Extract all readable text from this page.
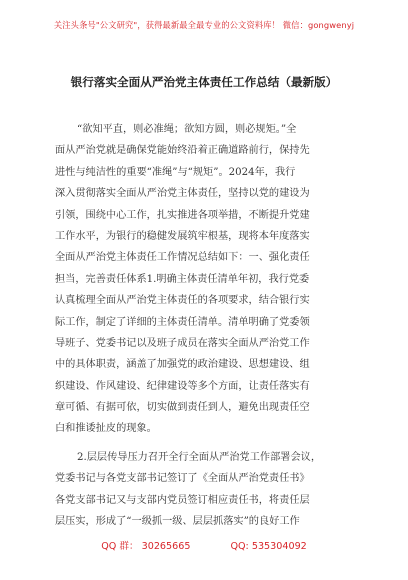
关注头条号"公文研究"，获得最新最全最专业的公文资料库！ 微信：gongwenyj
银行落实全面从严治党主体责任工作总结（最新版）
“欲知平直，则必准绳；欲知方圆，则必规矩。”全
面从严治党就是确保党能始终沿着正确道路前行，保持先
进性与纯洁性的重要“准绳”与“规矩”。2024年，我行
深入贯彻落实全面从严治党主体责任，坚持以党的建设为
引领，围绕中心工作，扎实推进各项举措，不断提升党建
工作水平，为银行的稳健发展筑牢根基，现将本年度落实
全面从严治党主体责任工作情况总结如下：一、强化责任
担当，完善责任体系1.明确主体责任清单年初，我行党委
认真梳理全面从严治党主体责任的各项要求，结合银行实
际工作，制定了详细的主体责任清单。清单明确了党委领
导班子、党委书记以及班子成员在落实全面从严治党工作
中的具体职责，涵盖了加强党的政治建设、思想建设、组
织建设、作风建设、纪律建设等多个方面，让责任落实有
章可循、有据可依，切实做到责任到人，避免出现责任空
白和推诿扯皮的现象。
2.层层传导压力召开全行全面从严治党工作部署会议，
党委书记与各党支部书记签订了《全面从严治党责任书》
各党支部书记又与支部内党员签订相应责任书，将责任层
层压实，形成了“一级抓一级、层层抓落实”的良好工作
QQ 群： 30265665	QQ: 535304092
